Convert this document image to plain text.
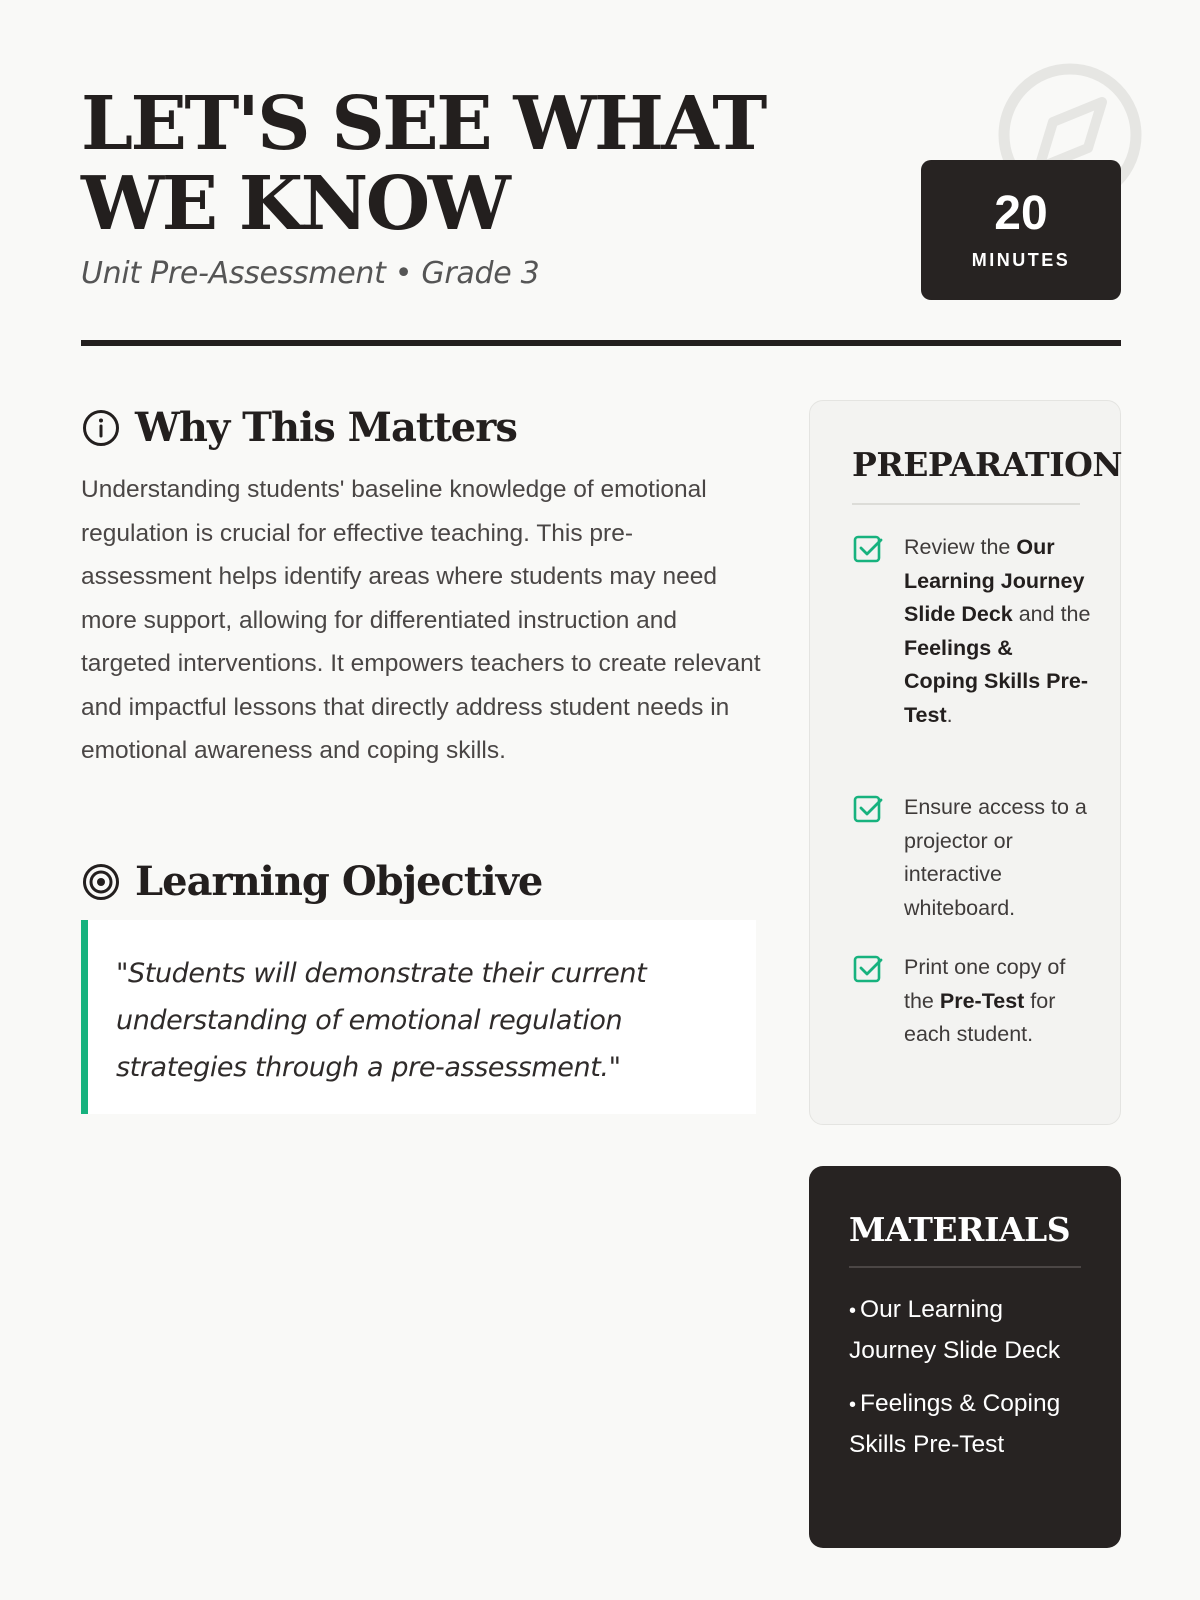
LET'S SEE WHAT WE KNOW
Unit Pre-Assessment • Grade 3
20
MINUTES
Why This Matters

Understanding students' baseline knowledge of emotional regulation is crucial for effective teaching. This pre-assessment helps identify areas where students may need more support, allowing for differentiated instruction and targeted interventions. It empowers teachers to create relevant and impactful lessons that directly address student needs in emotional awareness and coping skills.

Learning Objective

"Students will demonstrate their current understanding of emotional regulation strategies through a pre-assessment."

PREPARATION
Review the Our Learning Journey Slide Deck and the Feelings & Coping Skills Pre-Test.
Ensure access to a projector or interactive whiteboard.
Print one copy of the Pre-Test for each student.
MATERIALS
• Our Learning Journey Slide Deck
• Feelings & Coping Skills Pre-Test
